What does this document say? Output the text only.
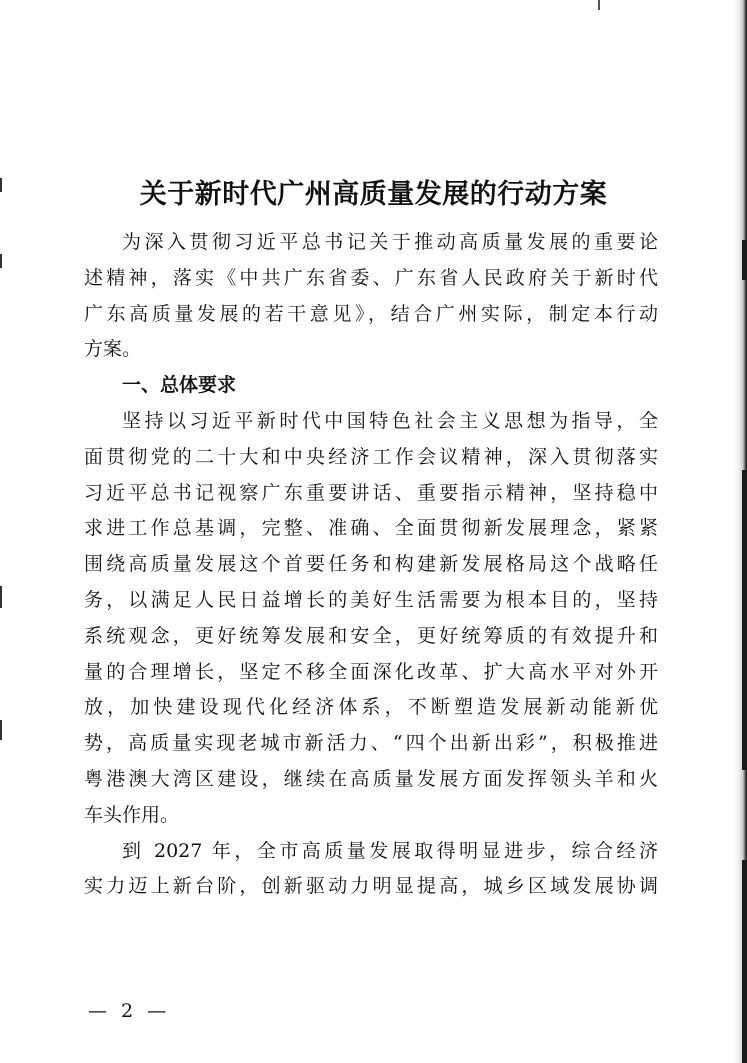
关于新时代广州高质量发展的行动方案
为深入贯彻习近平总书记关于推动高质量发展的重要论
述精神，落实《中共广东省委、广东省人民政府关于新时代
广东高质量发展的若干意见》，结合广州实际，制定本行动
方案。
一、总体要求
坚持以习近平新时代中国特色社会主义思想为指导，全
面贯彻党的二十大和中央经济工作会议精神，深入贯彻落实
习近平总书记视察广东重要讲话、重要指示精神，坚持稳中
求进工作总基调，完整、准确、全面贯彻新发展理念，紧紧
围绕高质量发展这个首要任务和构建新发展格局这个战略任
务，以满足人民日益增长的美好生活需要为根本目的，坚持
系统观念，更好统筹发展和安全，更好统筹质的有效提升和
量的合理增长，坚定不移全面深化改革、扩大高水平对外开
放，加快建设现代化经济体系，不断塑造发展新动能新优
势，高质量实现老城市新活力、“四个出新出彩”，积极推进
粤港澳大湾区建设，继续在高质量发展方面发挥领头羊和火
车头作用。
到 2027 年，全市高质量发展取得明显进步，综合经济
实力迈上新台阶，创新驱动力明显提高，城乡区域发展协调
— 2 —
